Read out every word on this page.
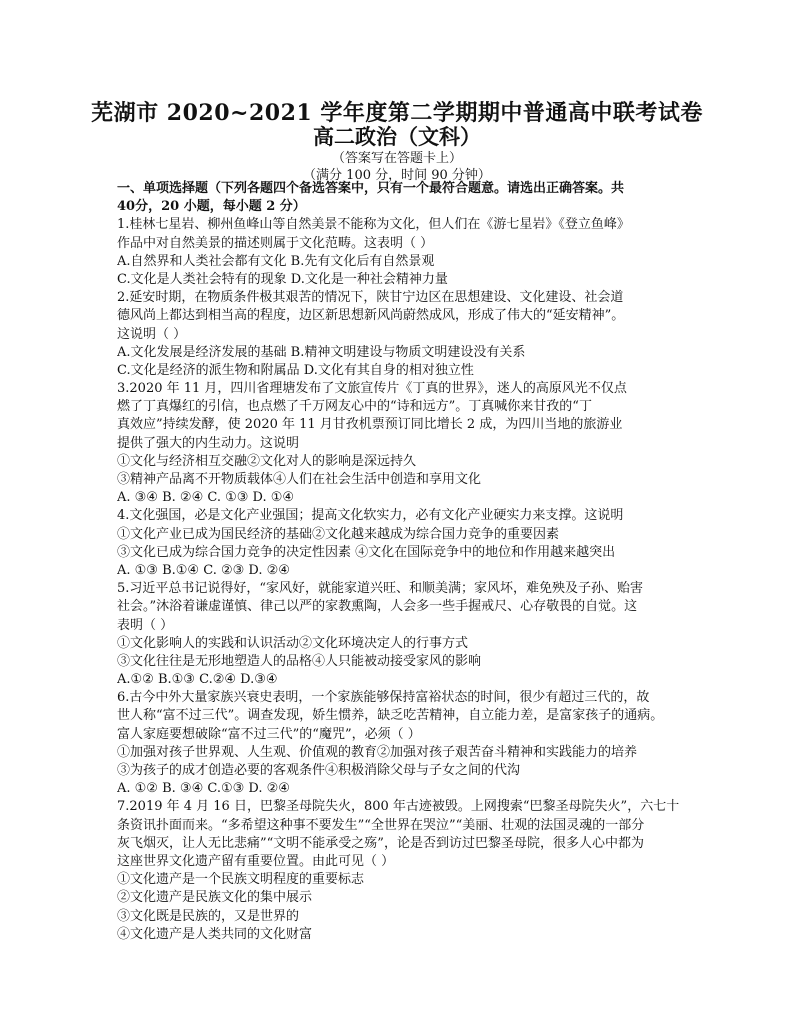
芜湖市 2020~2021 学年度第二学期期中普通高中联考试卷
高二政治（文科）
（答案写在答题卡上）
（满分 100 分，时间 90 分钟）
一、单项选择题（下列各题四个备选答案中，只有一个最符合题意。请选出正确答案。共
40分，20 小题，每小题 2 分）
1.桂林七星岩、柳州鱼峰山等自然美景不能称为文化，但人们在《游七星岩》《登立鱼峰》
作品中对自然美景的描述则属于文化范畴。这表明（ ）
A.自然界和人类社会都有文化 B.先有文化后有自然景观
C.文化是人类社会特有的现象 D.文化是一种社会精神力量
2.延安时期，在物质条件极其艰苦的情况下，陕甘宁边区在思想建设、文化建设、社会道
德风尚上都达到相当高的程度，边区新思想新风尚蔚然成风，形成了伟大的“延安精神”。
这说明（ ）
A.文化发展是经济发展的基础 B.精神文明建设与物质文明建设没有关系
C.文化是经济的派生物和附属品 D.文化有其自身的相对独立性
3.2020 年 11 月，四川省理塘发布了文旅宣传片《丁真的世界》，迷人的高原风光不仅点
燃了丁真爆红的引信，也点燃了千万网友心中的“诗和远方”。丁真喊你来甘孜的“丁
真效应”持续发酵，使 2020 年 11 月甘孜机票预订同比增长 2 成，为四川当地的旅游业
提供了强大的内生动力。这说明
①文化与经济相互交融②文化对人的影响是深远持久
③精神产品离不开物质载体④人们在社会生活中创造和享用文化
A. ③④ B. ②④ C. ①③ D. ①④
4.文化强国，必是文化产业强国；提高文化软实力，必有文化产业硬实力来支撑。这说明
①文化产业已成为国民经济的基础②文化越来越成为综合国力竞争的重要因素
③文化已成为综合国力竞争的决定性因素 ④文化在国际竞争中的地位和作用越来越突出
A. ①③ B.①④ C. ②③ D. ②④
5.习近平总书记说得好，“家风好，就能家道兴旺、和顺美满；家风坏，难免殃及子孙、贻害
社会。”沐浴着谦虚谨慎、律己以严的家教熏陶，人会多一些手握戒尺、心存敬畏的自觉。这
表明（ ）
①文化影响人的实践和认识活动②文化环境决定人的行事方式
③文化往往是无形地塑造人的品格④人只能被动接受家风的影响
A.①② B.①③ C.②④ D.③④
6.古今中外大量家族兴衰史表明，一个家族能够保持富裕状态的时间，很少有超过三代的，故
世人称“富不过三代”。调查发现，娇生惯养，缺乏吃苦精神，自立能力差，是富家孩子的通病。
富人家庭要想破除“富不过三代”的“魔咒”，必须（ ）
①加强对孩子世界观、人生观、价值观的教育②加强对孩子艰苦奋斗精神和实践能力的培养
③为孩子的成才创造必要的客观条件④积极消除父母与子女之间的代沟
A. ①② B. ③④ C.①③ D. ②④
7.2019 年 4 月 16 日，巴黎圣母院失火，800 年古迹被毁。上网搜索“巴黎圣母院失火”，六七十
条资讯扑面而来。“多希望这种事不要发生”“全世界在哭泣”“美丽、壮观的法国灵魂的一部分
灰飞烟灭，让人无比悲痛”“文明不能承受之殇”，论是否到访过巴黎圣母院，很多人心中都为
这座世界文化遗产留有重要位置。由此可见（ ）
①文化遗产是一个民族文明程度的重要标志
②文化遗产是民族文化的集中展示
③文化既是民族的，又是世界的
④文化遗产是人类共同的文化财富
